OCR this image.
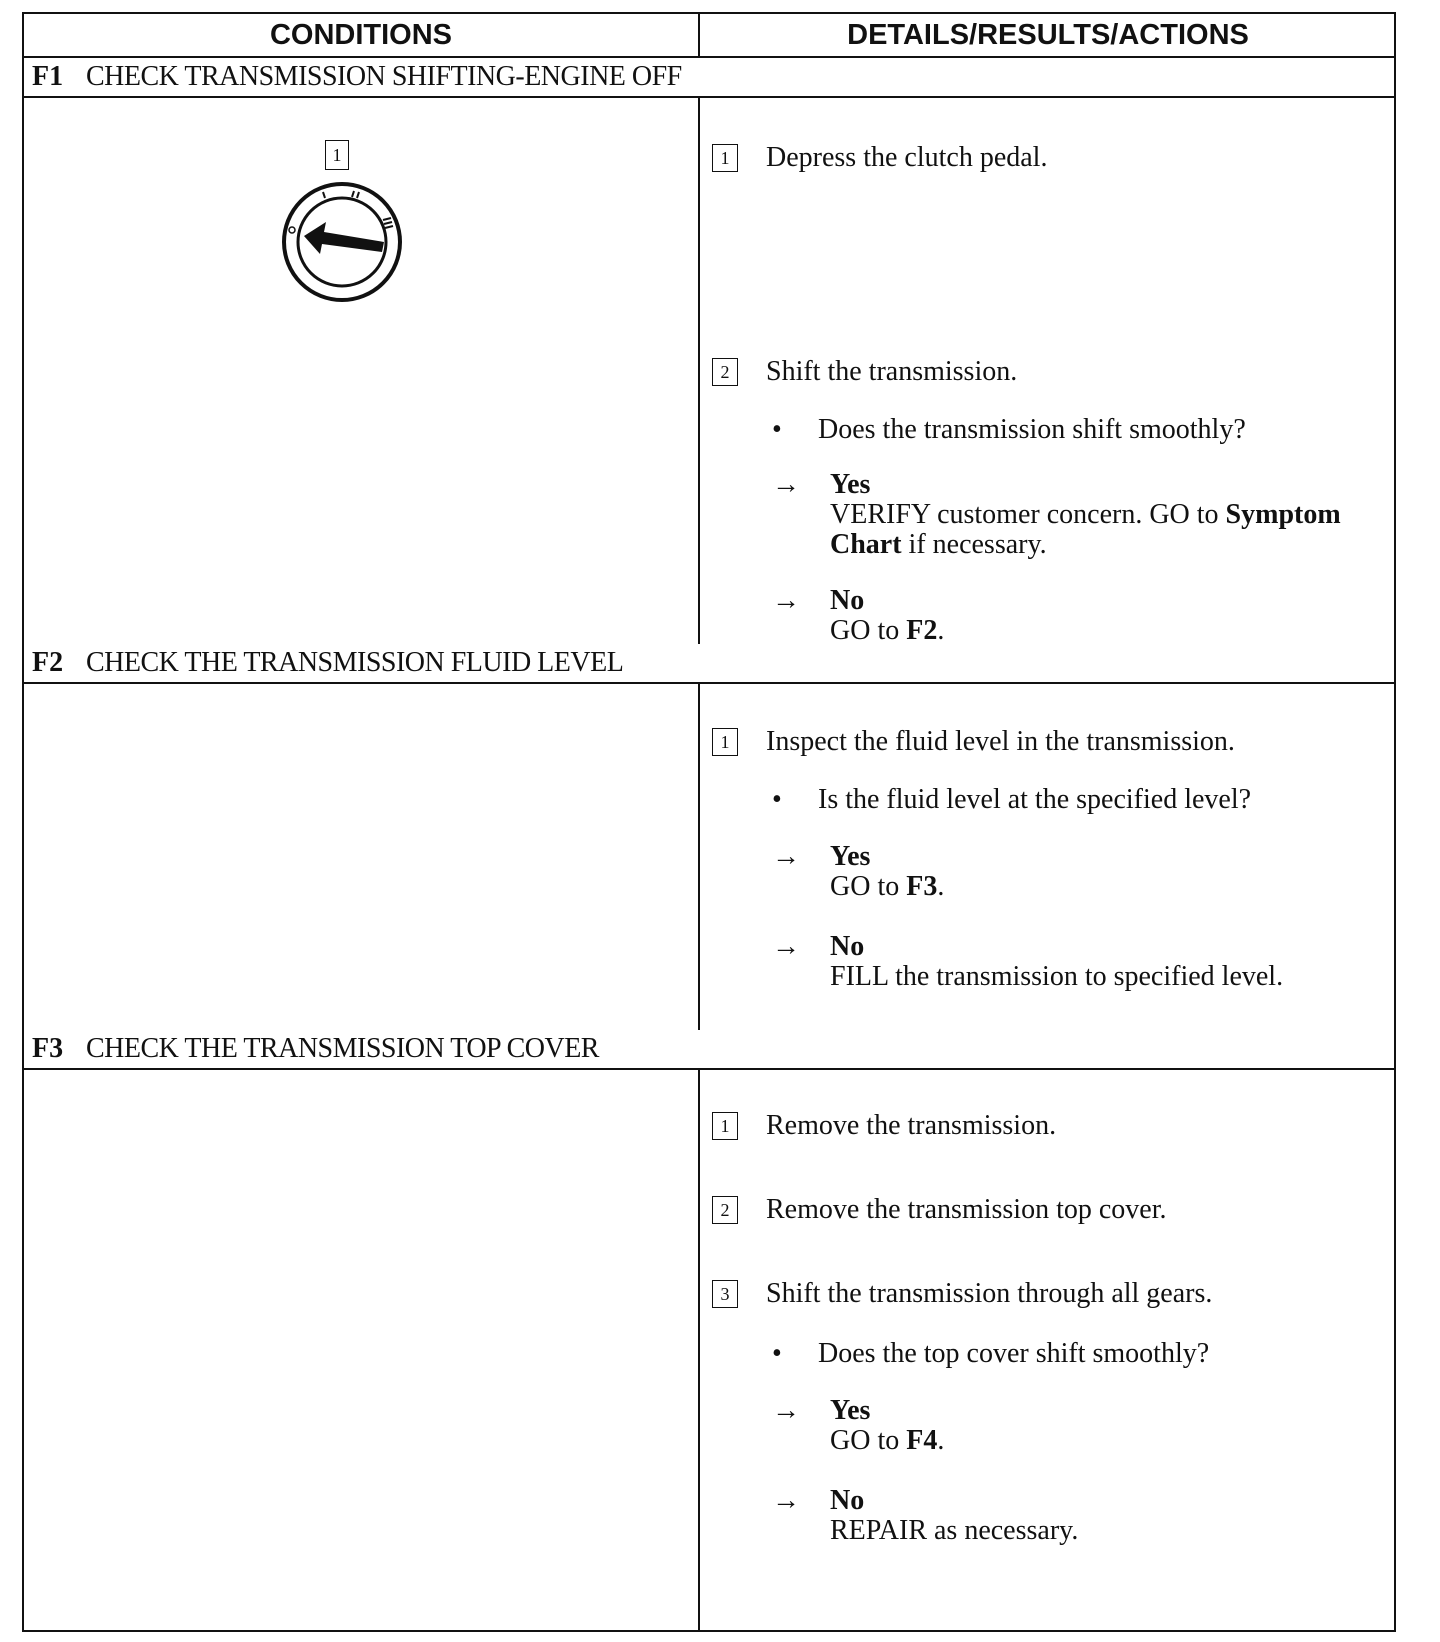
CONDITIONS	DETAILS/RESULTS/ACTIONS
F1 CHECK TRANSMISSION SHIFTING-ENGINE OFF
1	1	Depress the clutch pedal.
2	Shift the transmission.
•	Does the transmission shift smoothly?
→	Yes
VERIFY customer concern. GO to Symptom
Chart if necessary.
→	No
GO to F2.
F2 CHECK THE TRANSMISSION FLUID LEVEL
1	Inspect the fluid level in the transmission.
•	Is the fluid level at the specified level?
→	Yes
GO to F3.
→	No
FILL the transmission to specified level.
F3 CHECK THE TRANSMISSION TOP COVER
1	Remove the transmission.
2	Remove the transmission top cover.
3	Shift the transmission through all gears.
•	Does the top cover shift smoothly?
→	Yes
GO to F4.
→	No
REPAIR as necessary.
